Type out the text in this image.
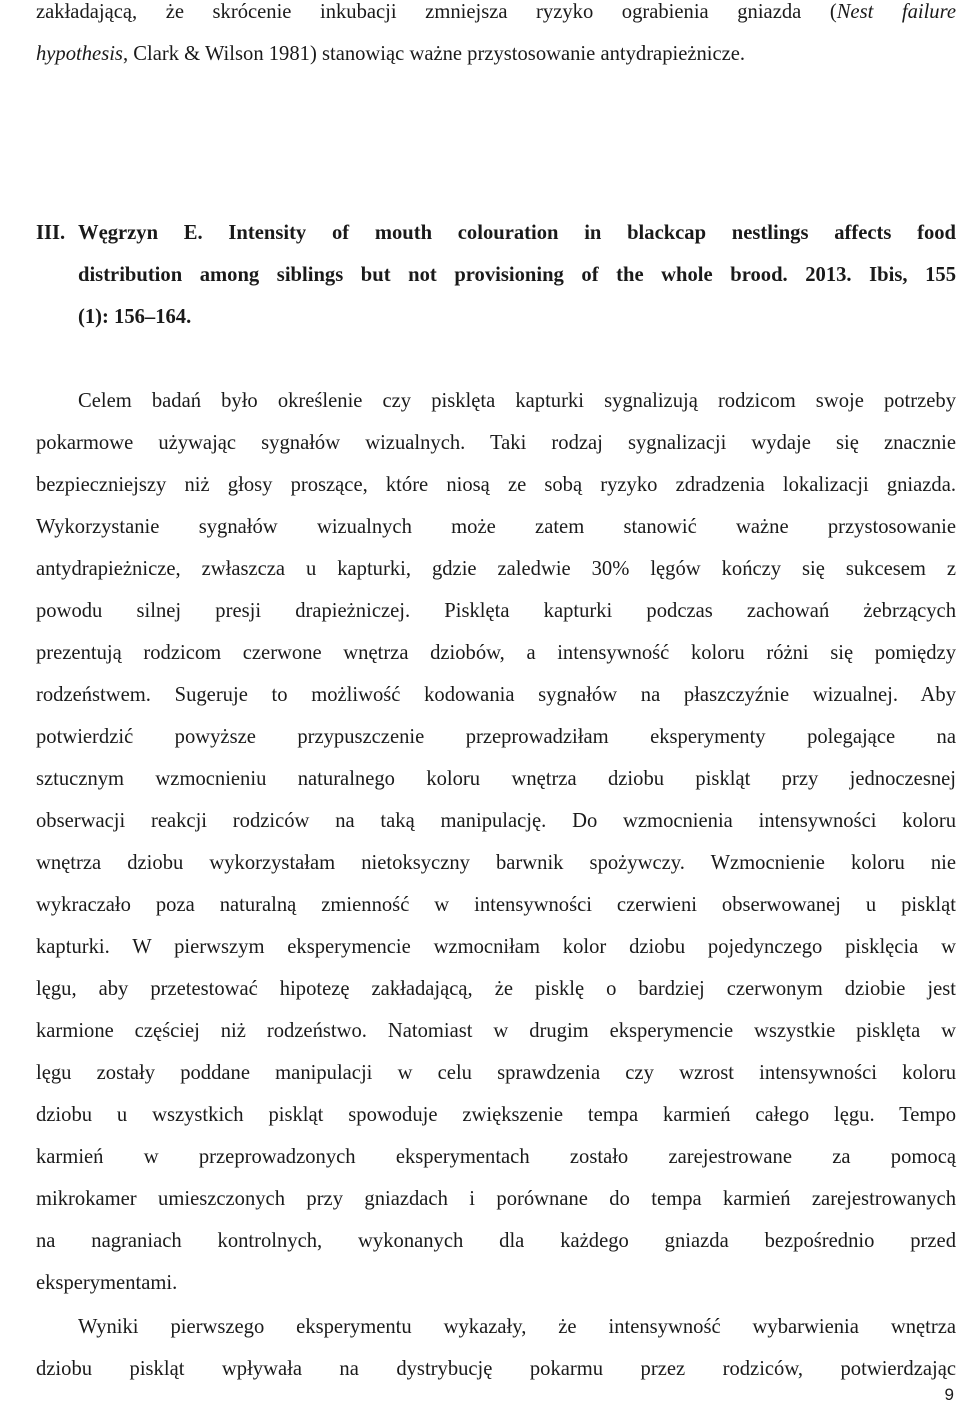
zakładającą, że skrócenie inkubacji zmniejsza ryzyko ograbienia gniazda (Nest failure
hypothesis, Clark & Wilson 1981) stanowiąc ważne przystosowanie antydrapieżnicze.

III. Węgrzyn E. Intensity of mouth colouration in blackcap nestlings affects food
distribution among siblings but not provisioning of the whole brood. 2013. Ibis, 155
(1): 156–164.

Celem badań było określenie czy pisklęta kapturki sygnalizują rodzicom swoje potrzeby
pokarmowe używając sygnałów wizualnych. Taki rodzaj sygnalizacji wydaje się znacznie
bezpieczniejszy niż głosy proszące, które niosą ze sobą ryzyko zdradzenia lokalizacji gniazda.
Wykorzystanie sygnałów wizualnych może zatem stanowić ważne przystosowanie
antydrapieżnicze, zwłaszcza u kapturki, gdzie zaledwie 30% lęgów kończy się sukcesem z
powodu silnej presji drapieżniczej. Pisklęta kapturki podczas zachowań żebrzących
prezentują rodzicom czerwone wnętrza dziobów, a intensywność koloru różni się pomiędzy
rodzeństwem. Sugeruje to możliwość kodowania sygnałów na płaszczyźnie wizualnej. Aby
potwierdzić powyższe przypuszczenie przeprowadziłam eksperymenty polegające na
sztucznym wzmocnieniu naturalnego koloru wnętrza dziobu piskląt przy jednoczesnej
obserwacji reakcji rodziców na taką manipulację. Do wzmocnienia intensywności koloru
wnętrza dziobu wykorzystałam nietoksyczny barwnik spożywczy. Wzmocnienie koloru nie
wykraczało poza naturalną zmienność w intensywności czerwieni obserwowanej u piskląt
kapturki. W pierwszym eksperymencie wzmocniłam kolor dziobu pojedynczego pisklęcia w
lęgu, aby przetestować hipotezę zakładającą, że pisklę o bardziej czerwonym dziobie jest
karmione częściej niż rodzeństwo. Natomiast w drugim eksperymencie wszystkie pisklęta w
lęgu zostały poddane manipulacji w celu sprawdzenia czy wzrost intensywności koloru
dziobu u wszystkich piskląt spowoduje zwiększenie tempa karmień całego lęgu. Tempo
karmień w przeprowadzonych eksperymentach zostało zarejestrowane za pomocą
mikrokamer umieszczonych przy gniazdach i porównane do tempa karmień zarejestrowanych
na nagraniach kontrolnych, wykonanych dla każdego gniazda bezpośrednio przed
eksperymentami.

Wyniki pierwszego eksperymentu wykazały, że intensywność wybarwienia wnętrza
dziobu piskląt wpływała na dystrybucję pokarmu przez rodziców, potwierdzając

9
